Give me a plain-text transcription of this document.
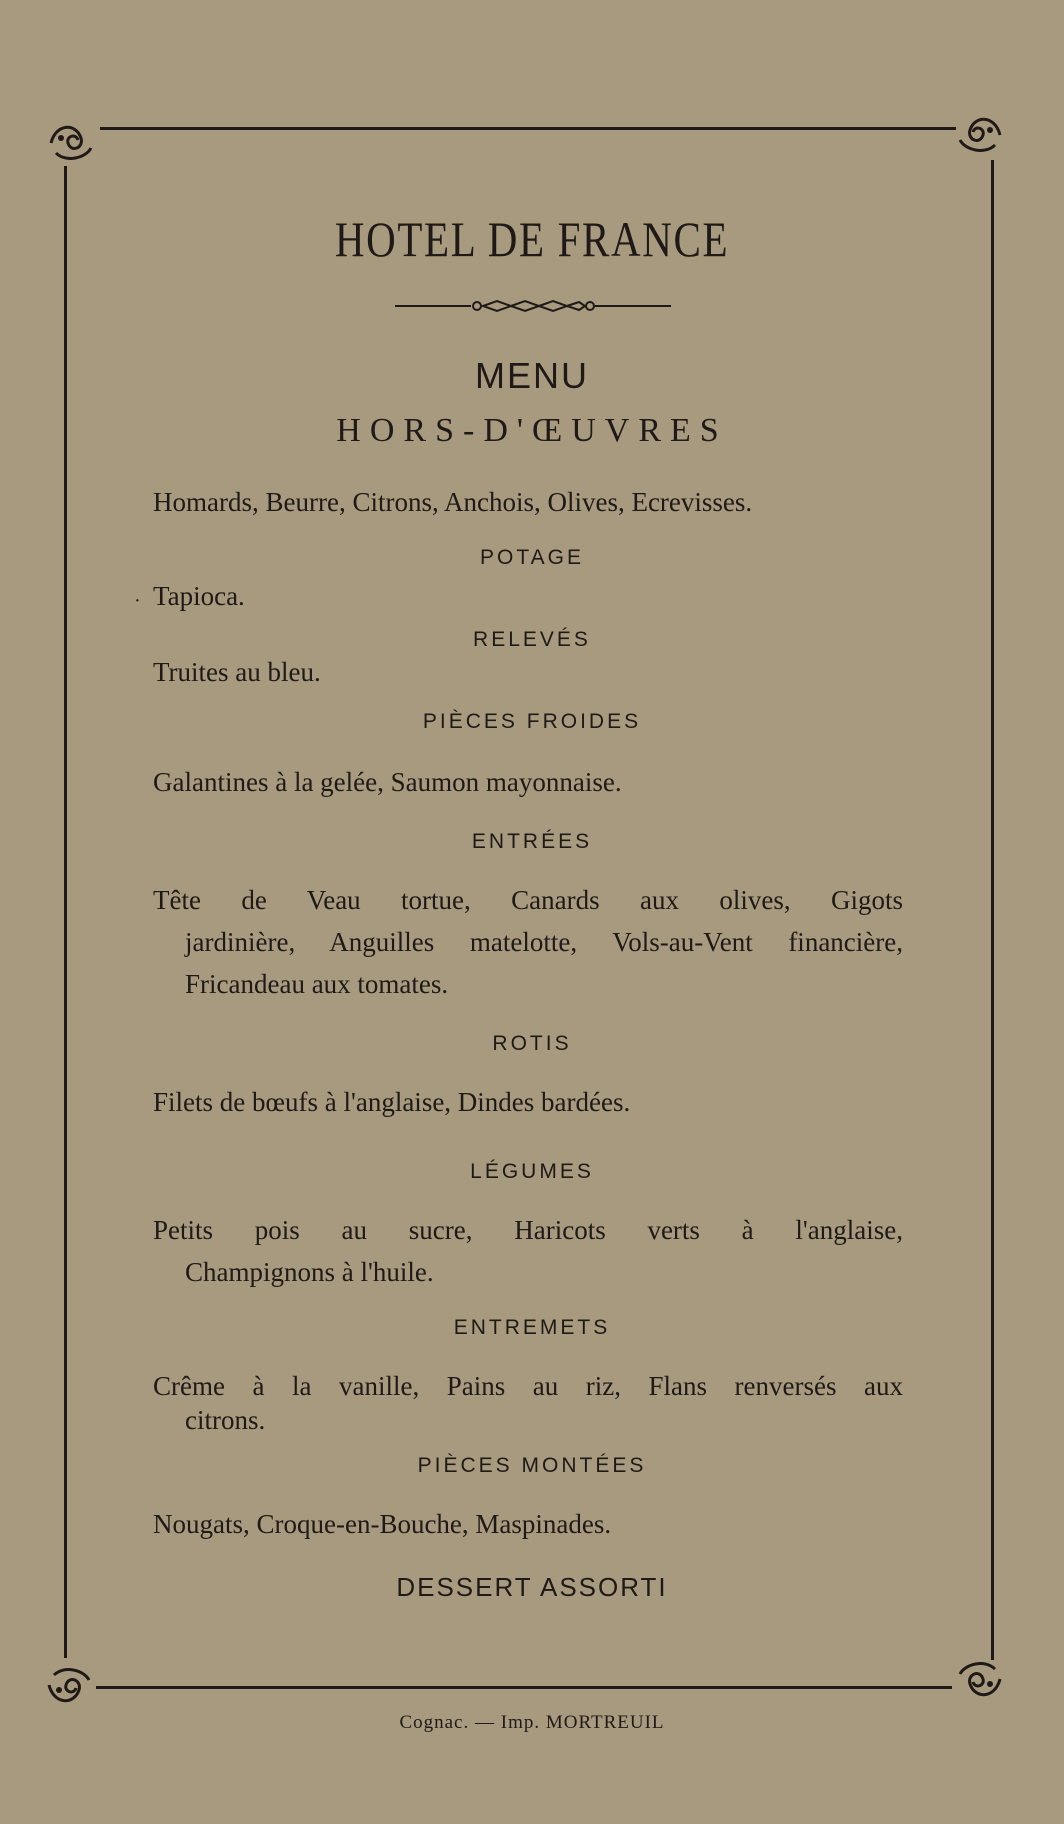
HOTEL DE FRANCE
MENU
HORS-D'ŒUVRES
Homards, Beurre, Citrons, Anchois, Olives, Ecrevisses.
POTAGE
· Tapioca.
RELEVÉS
Truites au bleu.
PIÈCES FROIDES
Galantines à la gelée, Saumon mayonnaise.
ENTRÉES
Tête de Veau tortue, Canards aux olives, Gigots
jardinière, Anguilles matelotte, Vols-au-Vent financière,
Fricandeau aux tomates.
ROTIS
Filets de bœufs à l'anglaise, Dindes bardées.
LÉGUMES
Petits pois au sucre, Haricots verts à l'anglaise,
Champignons à l'huile.
ENTREMETS
Crême à la vanille, Pains au riz, Flans renversés aux
citrons.
PIÈCES MONTÉES
Nougats, Croque-en-Bouche, Maspinades.
DESSERT ASSORTI
Cognac. — Imp. MORTREUIL
